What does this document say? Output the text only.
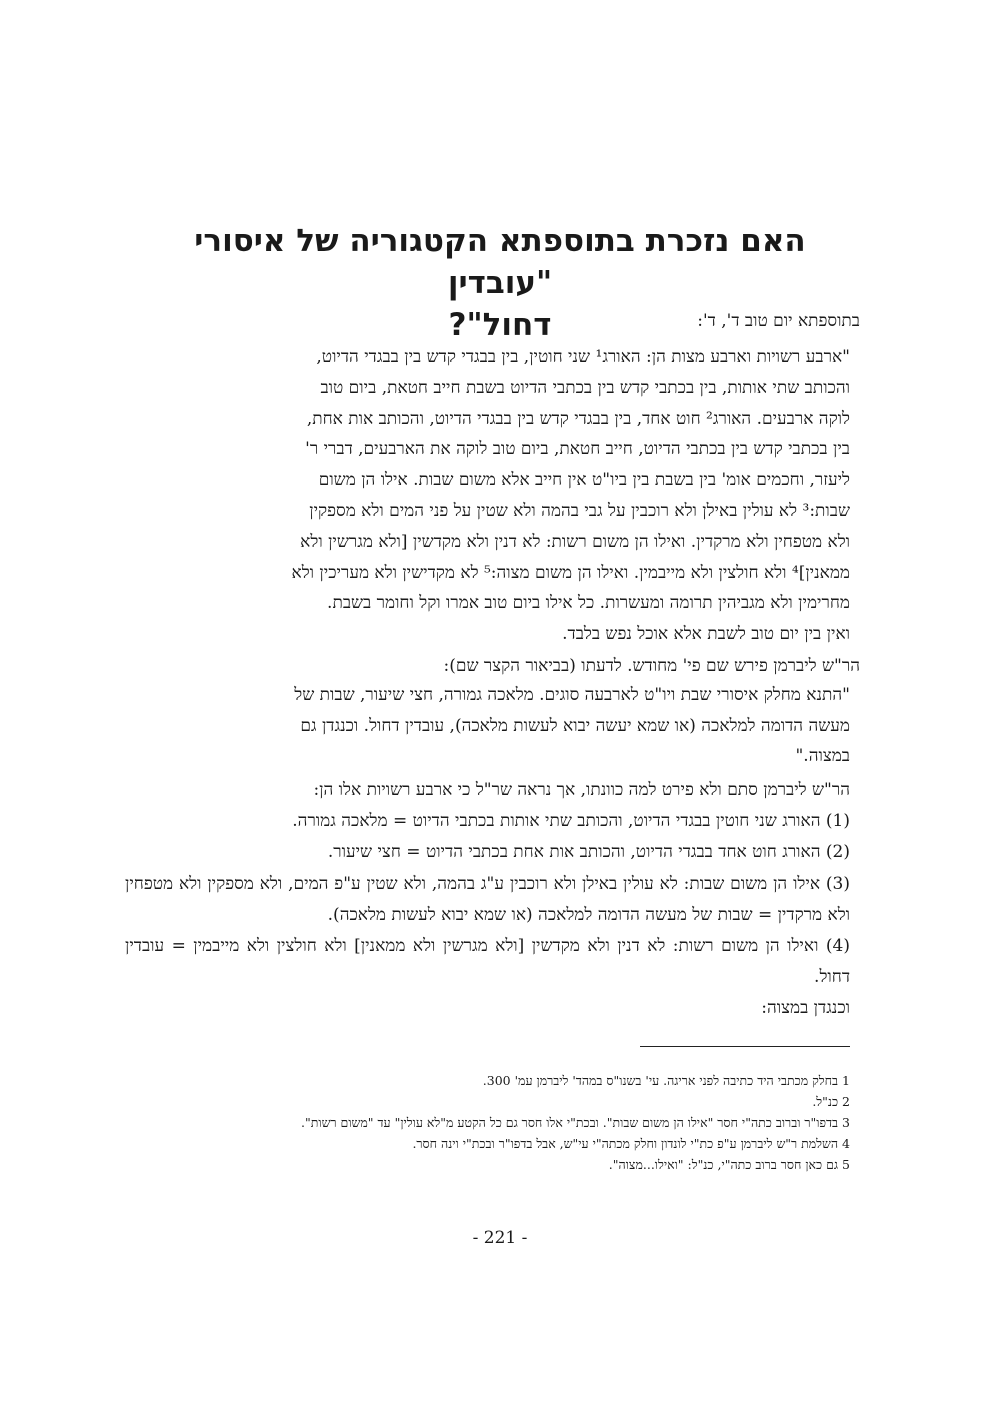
האם נזכרת בתוספתא הקטגוריה של איסורי "עובדין
דחול"?	בתוספתא יום טוב ד', ד':

"ארבע רשויות וארבע מצות הן: האורג¹ שני חוטין, בין בבגדי קדש בין בבגדי הדיוט,

והכותב שתי אותות, בין בכתבי קדש בין בכתבי הדיוט בשבת חייב חטאת, ביום טוב

לוקה ארבעים. האורג² חוט אחד, בין בבגדי קדש בין בבגדי הדיוט, והכותב אות אחת,

בין בכתבי קדש בין בכתבי הדיוט, חייב חטאת, ביום טוב לוקה את הארבעים, דברי ר'

ליעזר, וחכמים אומ' בין בשבת בין ביו"ט אין חייב אלא משום שבות. אילו הן משום

שבות:³ לא עולין באילן ולא רוכבין על גבי בהמה ולא שטין על פני המים ולא מספקין

ולא מטפחין ולא מרקדין. ואילו הן משום רשות: לא דנין ולא מקדשין [ולא מגרשין ולא

ממאנין]⁴ ולא חולצין ולא מייבמין. ואילו הן משום מצוה:⁵ לא מקדישין ולא מעריכין ולא

מחרימין ולא מגביהין תרומה ומעשרות. כל אילו ביום טוב אמרו וקל וחומר בשבת.

ואין בין יום טוב לשבת אלא אוכל נפש בלבד.

הר"ש ליברמן פירש שם פי' מחודש. לדעתו (בביאור הקצר שם):

"התנא מחלק איסורי שבת ויו"ט לארבעה סוגים. מלאכה גמורה, חצי שיעור, שבות של

מעשה הדומה למלאכה (או שמא יעשה יבוא לעשות מלאכה), עובדין דחול. וכנגדן גם

במצוה."

הר"ש ליברמן סתם ולא פירט למה כוונתו, אך נראה שר"ל כי ארבע רשויות אלו הן:

(1) האורג שני חוטין בבגדי הדיוט, והכותב שתי אותות בכתבי הדיוט = מלאכה גמורה.

(2) האורג חוט אחד בבגדי הדיוט, והכותב אות אחת בכתבי הדיוט = חצי שיעור.

(3) אילו הן משום שבות: לא עולין באילן ולא רוכבין ע"ג בהמה, ולא שטין ע"פ המים, ולא מספקין ולא מטפחין ולא מרקדין = שבות של מעשה הדומה למלאכה (או שמא יבוא לעשות מלאכה).

(4) ואילו הן משום רשות: לא דנין ולא מקדשין [ולא מגרשין ולא ממאנין] ולא חולצין ולא מייבמין = עובדין דחול.

וכנגדן במצוה:

1 בחלק מכתבי היד כתיבה לפני אריגה. עי' בשנו"ס במהד' ליברמן עמ' 300.
2 כנ"ל.
3 בדפו"ר וברוב כתה"י חסר "אילו הן משום שבות". ובכת"י אלו חסר גם כל הקטע מ"לא עולין" עד "משום רשות".
4 השלמת ר"ש ליברמן ע"פ כת"י לונדון וחלק מכתה"י עי"ש, אבל בדפו"ר ובכת"י וינה חסר.
5 גם כאן חסר ברוב כתה"י, כנ"ל: "ואילו...מצוה".
- 221 -
